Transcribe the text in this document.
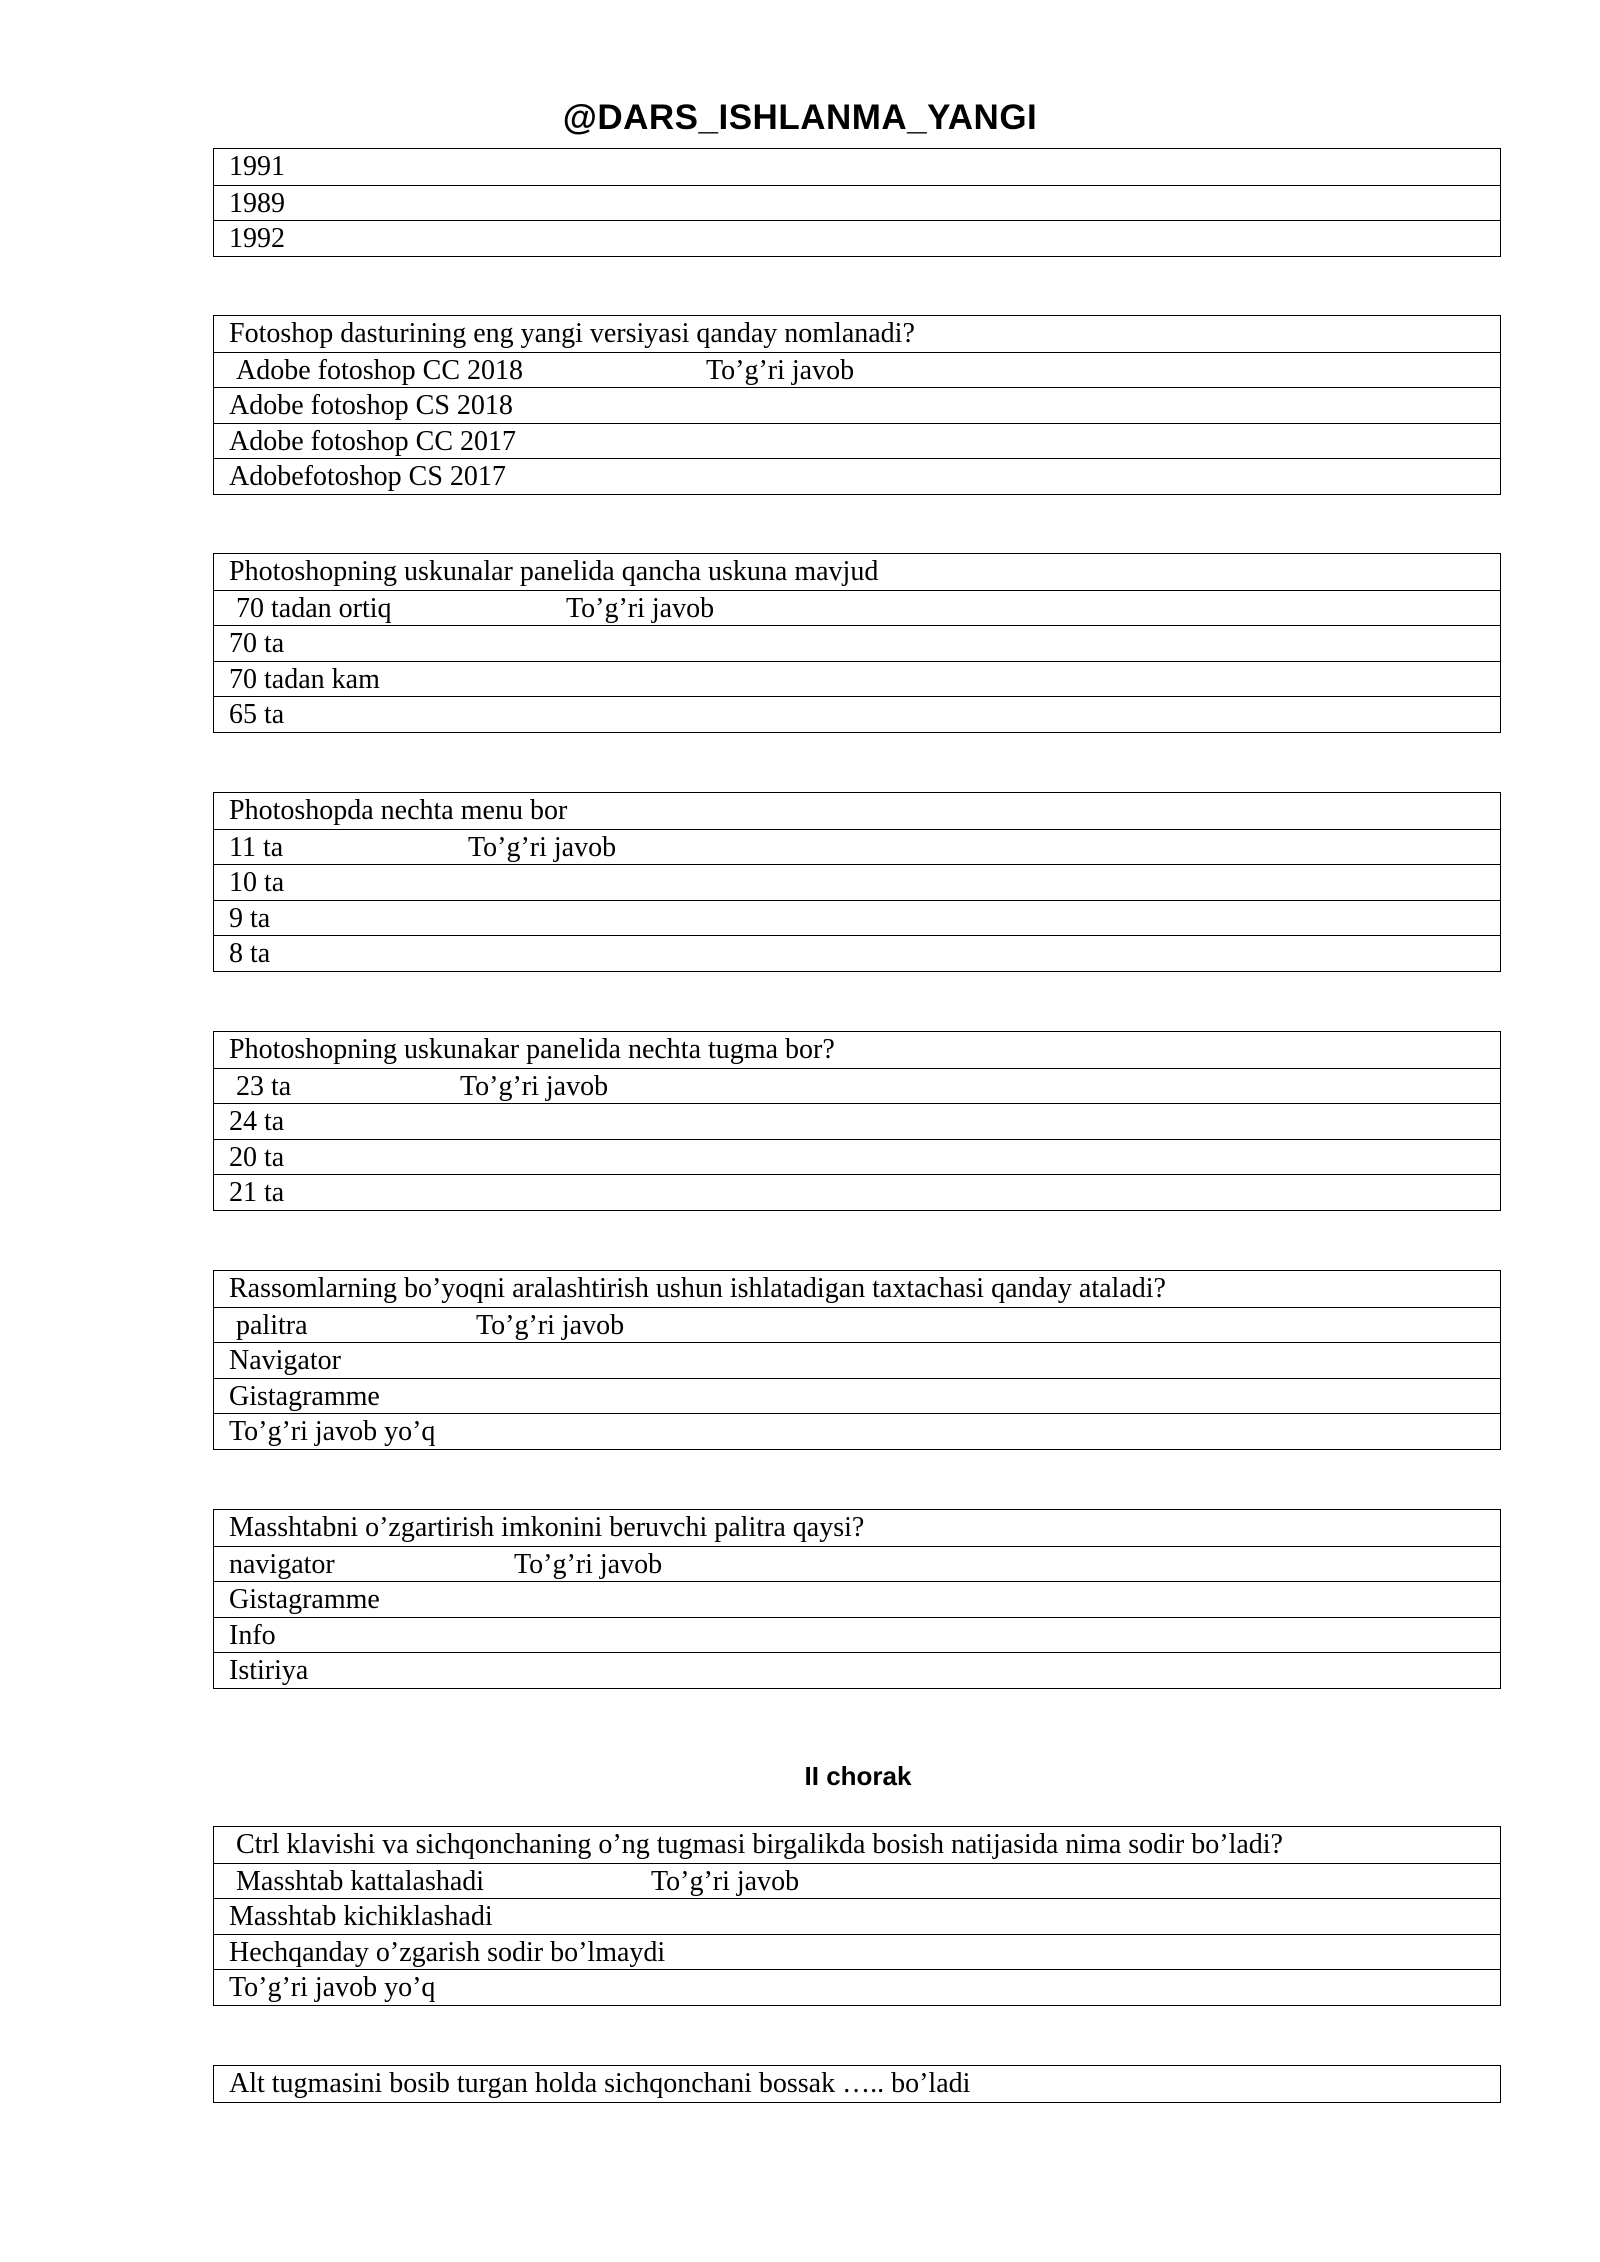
@DARS_ISHLANMA_YANGI
1991
1989
1992
Fotoshop dasturining eng yangi versiyasi qanday nomlanadi?
Adobe fotoshop CC 2018	To’g’ri javob
Adobe fotoshop CS 2018
Adobe fotoshop CC 2017
Adobefotoshop CS 2017
Photoshopning uskunalar panelida qancha uskuna mavjud
70 tadan ortiq	To’g’ri javob
70 ta
70 tadan kam
65 ta
Photoshopda nechta menu bor
11 ta	To’g’ri javob
10 ta
9 ta
8 ta
Photoshopning uskunakar panelida nechta tugma bor?
23 ta	To’g’ri javob
24 ta
20 ta
21 ta
Rassomlarning bo’yoqni aralashtirish ushun ishlatadigan taxtachasi qanday ataladi?
palitra	To’g’ri javob
Navigator
Gistagramme
To’g’ri javob yo’q
Masshtabni o’zgartirish imkonini beruvchi palitra qaysi?
navigator	To’g’ri javob
Gistagramme
Info
Istiriya
II chorak
Ctrl klavishi va sichqonchaning o’ng tugmasi birgalikda bosish natijasida nima sodir bo’ladi?
Masshtab kattalashadi	To’g’ri javob
Masshtab kichiklashadi
Hechqanday o’zgarish sodir bo’lmaydi
To’g’ri javob yo’q
Alt tugmasini bosib turgan holda sichqonchani bossak ….. bo’ladi
